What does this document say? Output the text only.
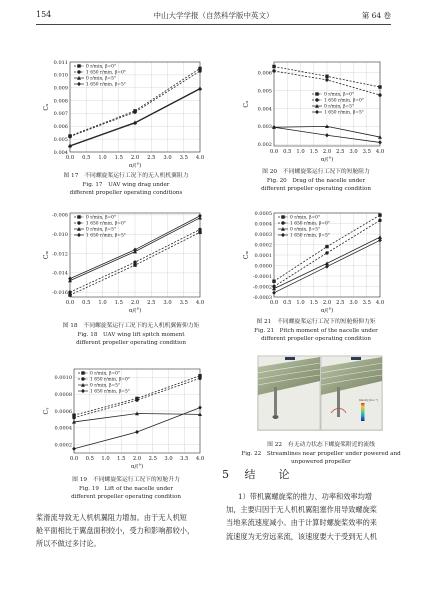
154	中山大学学报（自然科学版中英文）	第 64 卷
0.0 0.5 1.0 1.5 2.0 2.5 3.0 3.5 4.0
0.004
0.005
0.006
0.007
0.008
0.009
0.010
0.011
α/(°)
Cₓ
0 r/min, β=0°
1 650 r/min, β=0°
0 r/min, β=5°
1 650 r/min, β=5°
图 17　不同螺旋桨运行工况下的无人机机翼阻力
Fig. 17　UAV wing drag under
different propeller operating conditions
0.0 0.5 1.0 1.5 2.0 2.5 3.0 3.5 4.0
0.002
0.003
0.004
0.005
0.006
α/(°)
Cₓ
0 r/min, β=0°
1 650 r/min, β=0°
0 r/min, β=5°
1 650 r/min, β=5°
图 20　不同螺旋桨运行工况下的短舱阻力
Fig. 20　Drag of the nacelle under
different propeller operating condition
0.0 0.5 1.0 1.5 2.0 2.5 3.0 3.5 4.0
-0.008
-0.010
-0.012
-0.014
-0.016
α/(°)
Cₘ
0 r/min, β=0°
1 650 r/min, β=0°
0 r/min, β=5°
1 650 r/min, β=5°
图 18　不同螺旋桨运行工况下的无人机机翼俯仰力矩
Fig. 18　UAV wing lift spitch moment
different propeller operating condition
0.0 0.5 1.0 1.5 2.0 2.5 3.0 3.5 4.0
0.0005
0.0004
0.0003
0.0002
0.0001
0.0000
-0.0001
-0.0002
-0.0003
α/(°)
Cₘ
0 r/min, β=0°
1 650 r/min, β=0°
0 r/min, β=5°
1 650 r/min, β=5°
图 21　不同螺旋桨运行工况下的短舱俯仰力矩
Fig. 21　Pitch moment of the nacelle under
different propeller operating condition
0.0 0.5 1.0 1.5 2.0 2.5 3.0 3.5 4.0
0.0010
0.0008
0.0006
0.0004
0.0002
α/(°)
Cᵧ
0 r/min, β=0°
1 650 r/min, β=0°
0 r/min, β=5°
1 650 r/min, β=5°
图 19　不同螺旋桨运行工况下的短舱升力
Fig. 19　Lift of the nacelle under
different propeller operating condition
Velocity [m s⁻¹]
图 22　有无动力状态下螺旋桨附近的流线
Fig. 22　Streamlines near propeller under powered and
unpowered propeller
桨滑流导致无人机机翼阻力增加。由于无人机短
舱平面相比于翼盘面积较小，受力和影响都较小，
所以不做过多讨论。
5 结　论
1）带机翼螺旋桨的推力、功率和效率均增
加，主要归因于无人机机翼阻塞作用导致螺旋桨
当地来流速度减小。由于计算时螺旋桨效率的来
流速度为无穷远来流，该速度要大于受到无人机
